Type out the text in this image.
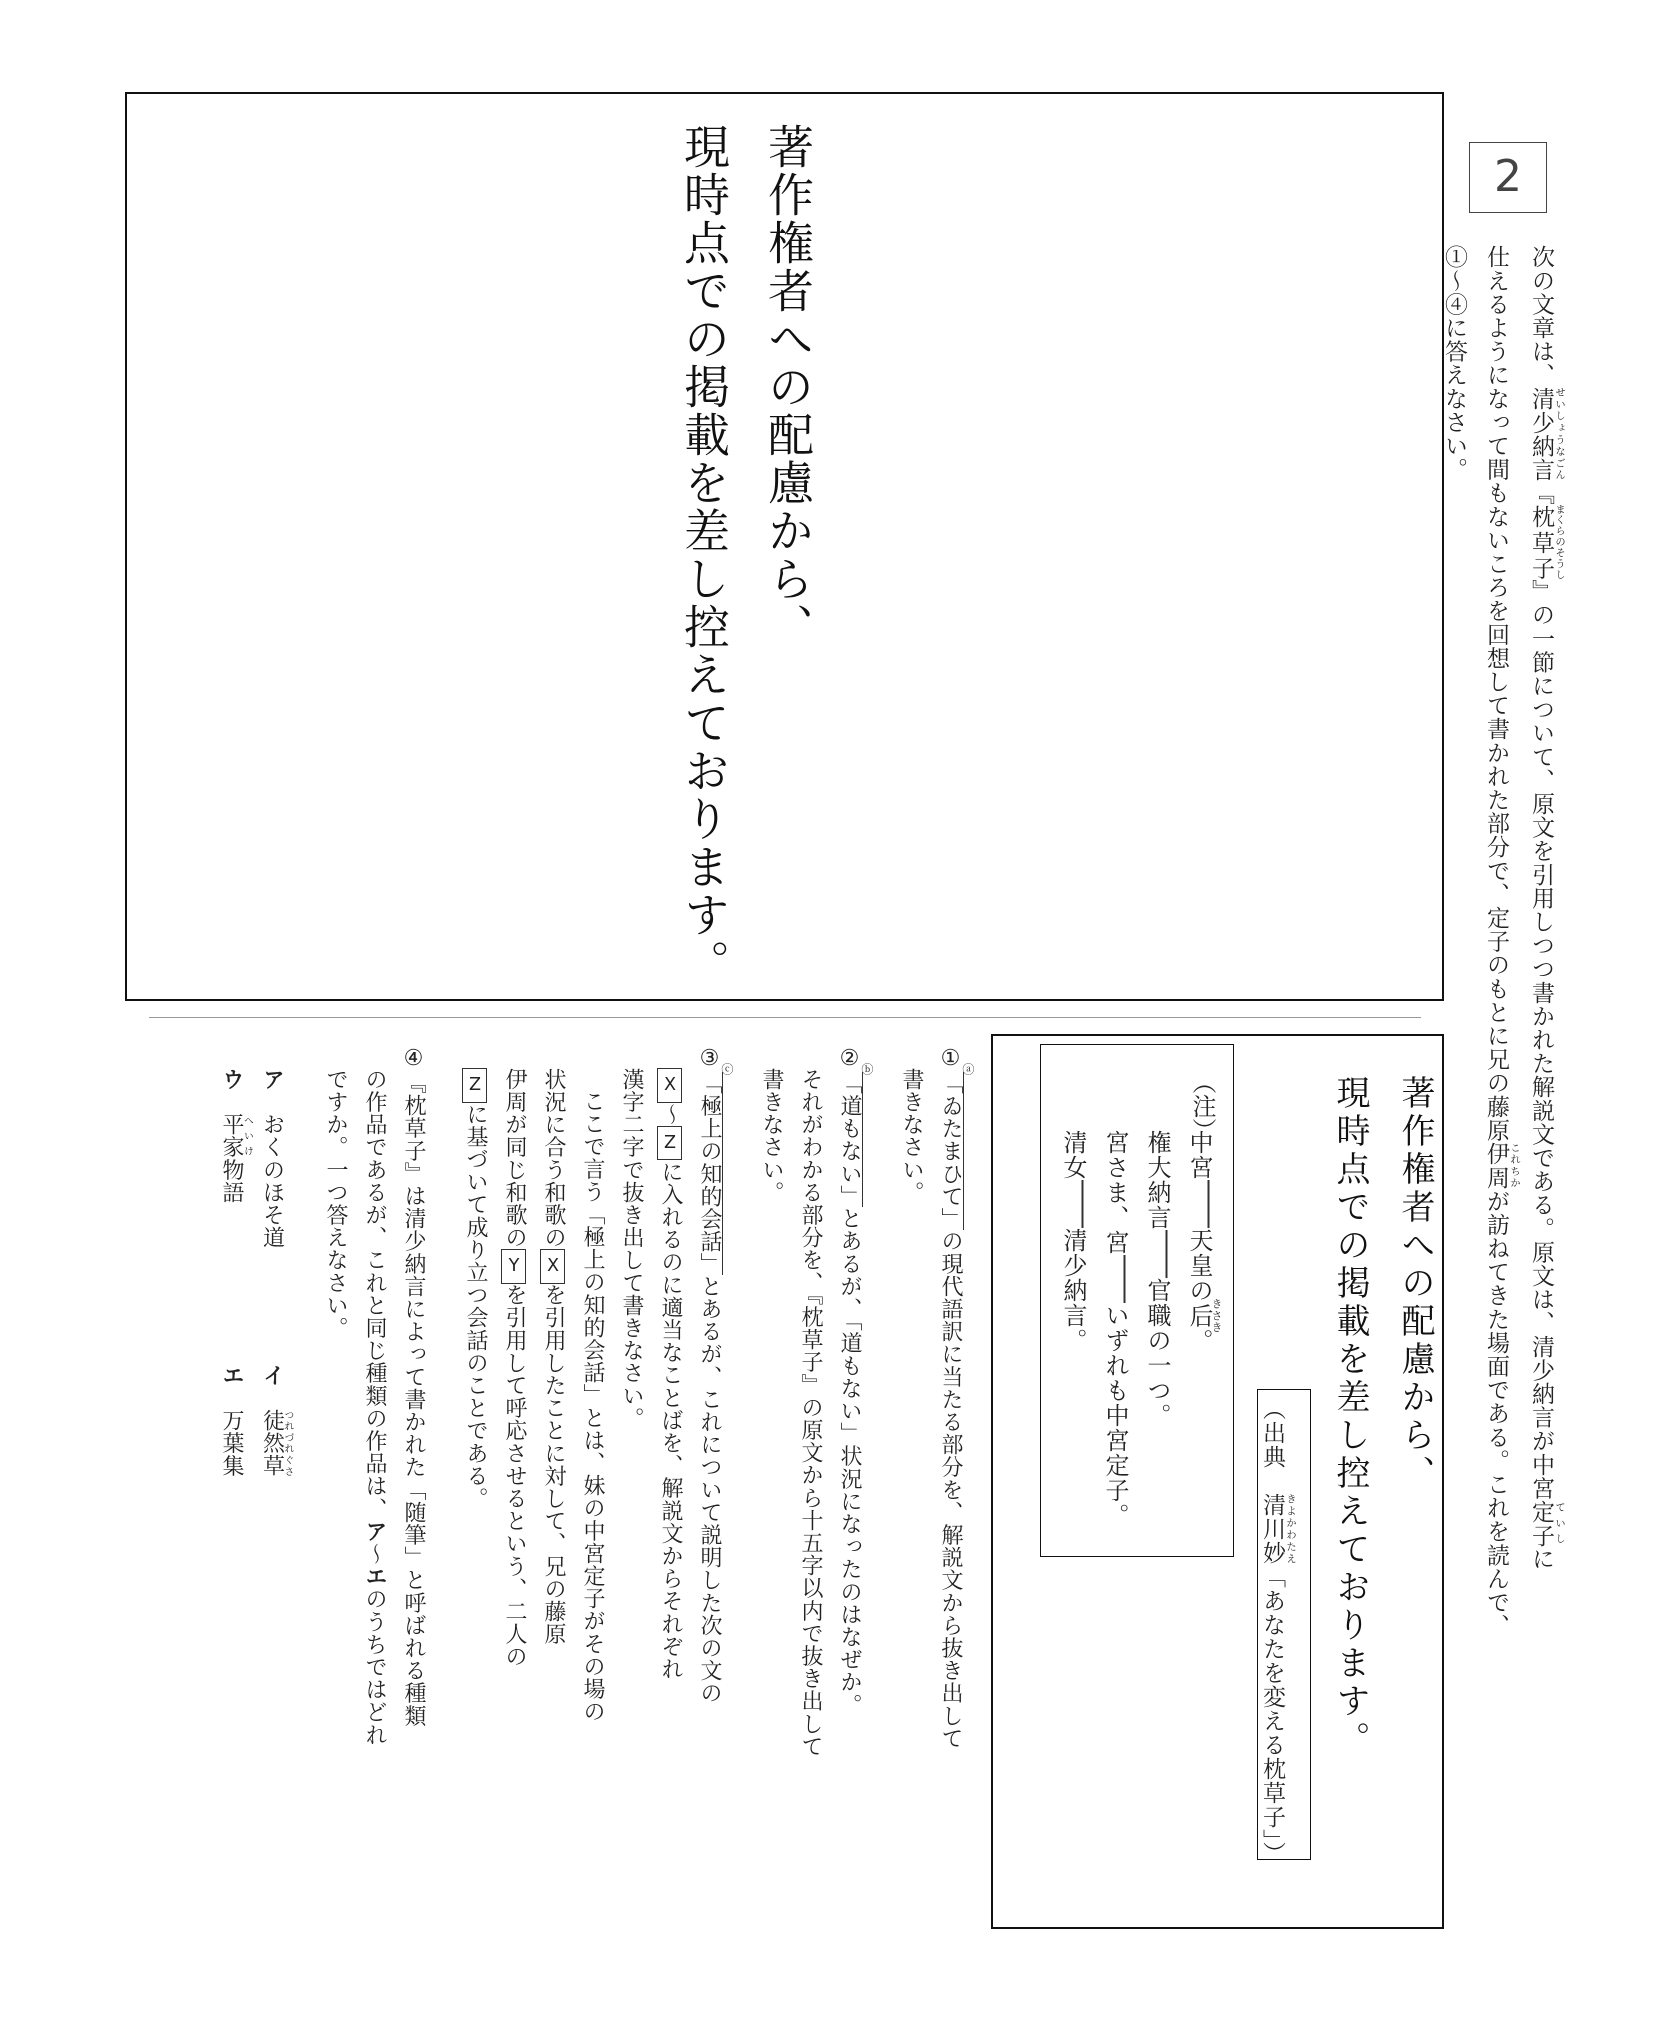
2
著作権者への配慮から、
現時点での掲載を差し控えております。	次の文章は、清少納言 せいしょうなごん『枕草子 まくらのそうし』の一節について、原文を引用しつつ書かれた解説文である。原文は、清少納言が中宮定子 ていしに
仕えるようになって間もないころを回想して書かれた部分で、定子のもとに兄の藤原伊周 これちかが訪ねてきた場面である。これを読んで、
①～④に答えなさい。
著作権者への配慮から、
現時点での掲載を差し控えております。
（出典　清川妙 きよかわたえ「あなたを変える枕草子」）
（注）
中宮天皇の后きさき。
権大納言官職の一つ。
宮さま、宮いずれも中宮定子。
清女清少納言。
①「ゐたまひて」
ⓐ
の現代語訳に当たる部分を、解説文から抜き出して
書きなさい。
②「道もない」
ⓑ
とあるが、「道もない」状況になったのはなぜか。
それがわかる部分を、『枕草子』の原文から十五字以内で抜き出して
書きなさい。
③「極上の知的会話」
ⓒ
とあるが、これについて説明した次の文の
X～Zに入れるのに適当なことばを、解説文からそれぞれ
漢字二字で抜き出して書きなさい。
ここで言う「極上の知的会話」とは、妹の中宮定子がその場の
状況に合う和歌のXを引用したことに対して、兄の藤原
伊周が同じ和歌のYを引用して呼応させるという、二人の
Zに基づいて成り立つ会話のことである。
④『枕草子』は清少納言によって書かれた「随筆」と呼ばれる種類
の作品であるが、これと同じ種類の作品は、ア～エのうちではどれ
ですか。一つ答えなさい。
ア　おくのほそ道イ　徒然草つれづれぐさ
ウ　平家へいけ物語エ　万葉集
